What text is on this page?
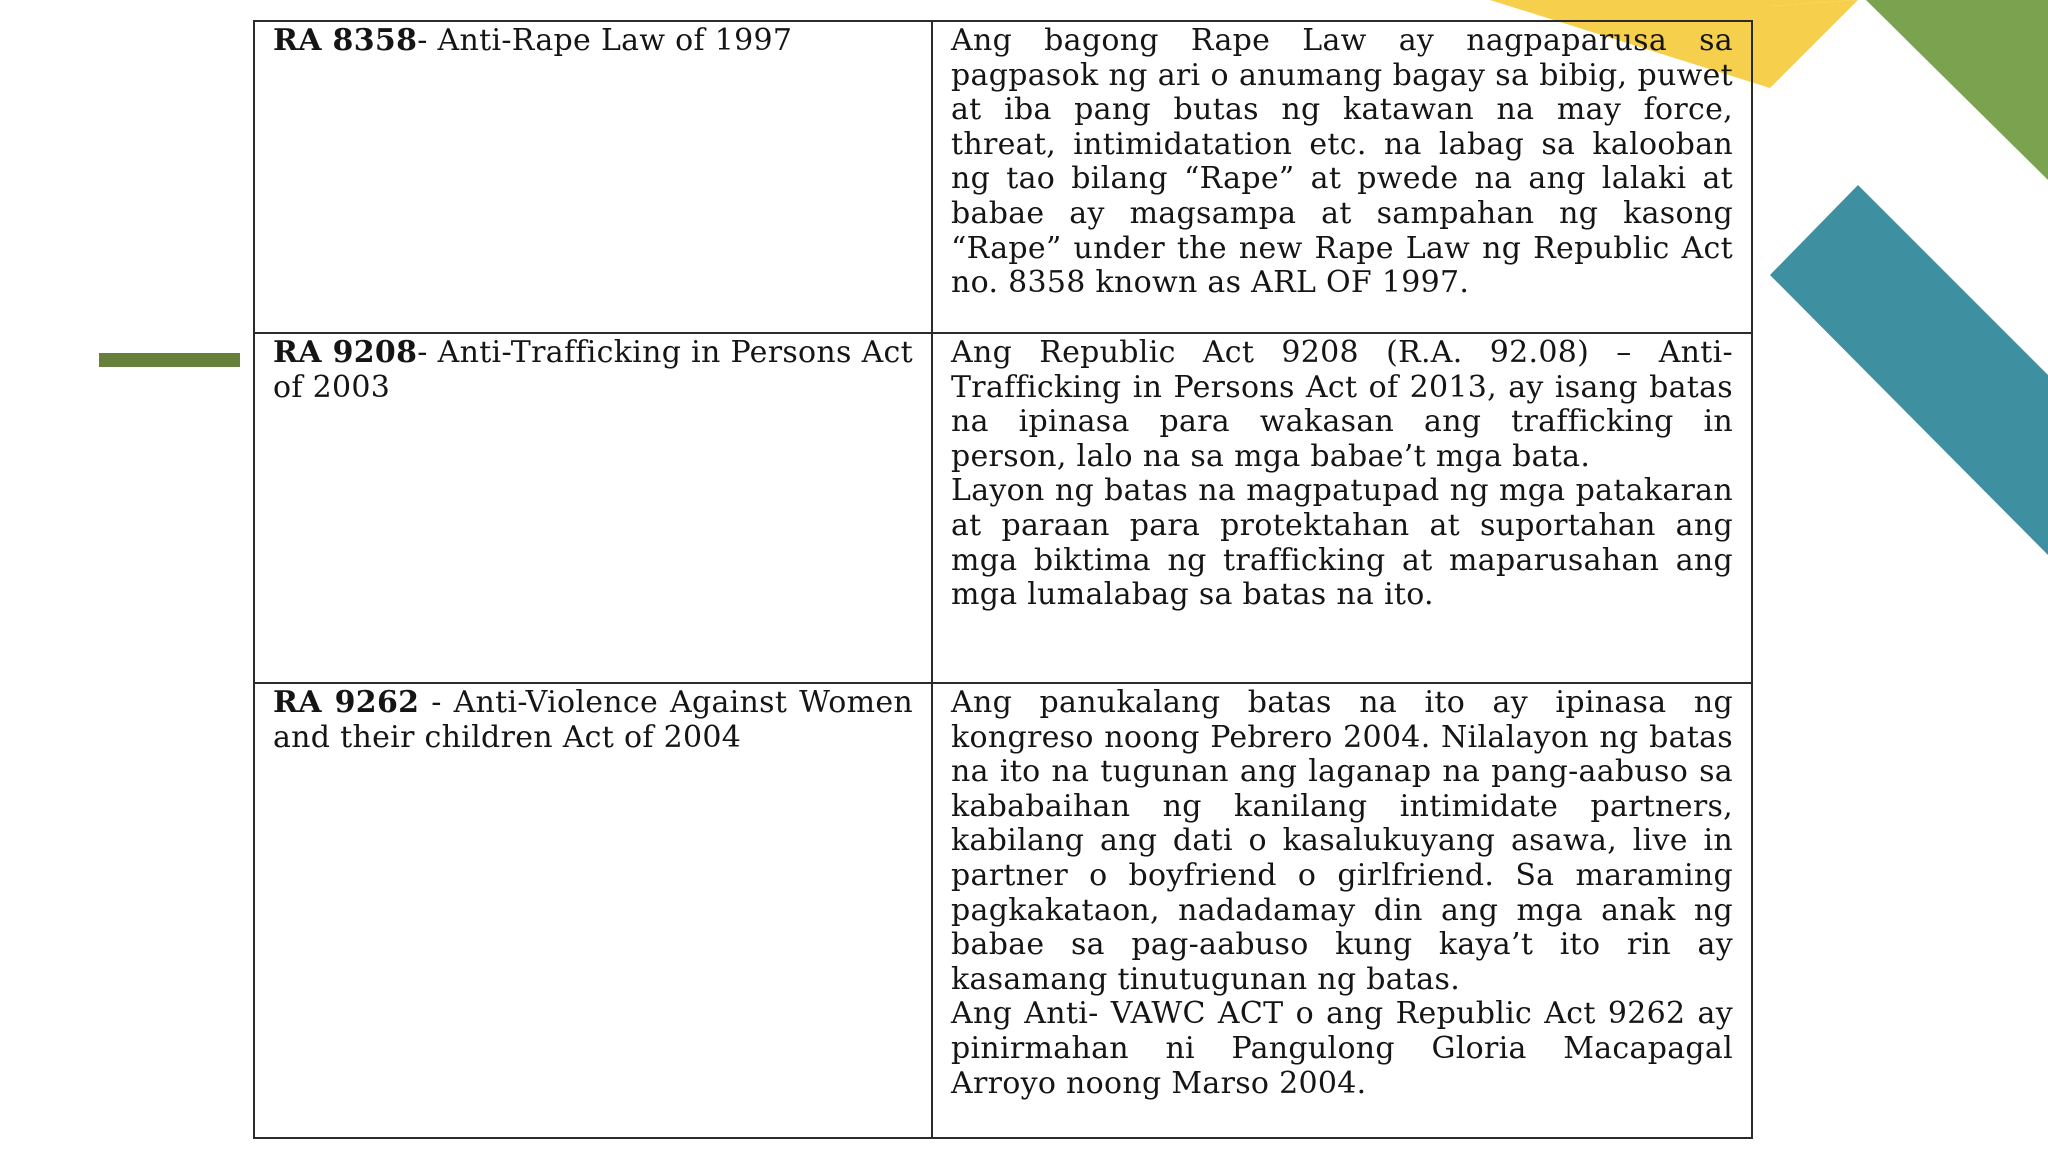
RA 8358- Anti-Rape Law of 1997	Ang bagong Rape Law ay nagpaparusa sa pagpasok ng ari o anumang bagay sa bibig, puwet at iba pang butas ng katawan na may force, threat, intimidatation etc. na labag sa kalooban ng tao bilang “Rape” at pwede na ang lalaki at babae ay magsampa at sampahan ng kasong “Rape” under the new Rape Law ng Republic Act no. 8358 known as ARL OF 1997.

RA 9208- Anti-Trafficking in Persons Act of 2003	Ang Republic Act 9208 (R.A. 92.08) – Anti-Trafficking in Persons Act of 2013, ay isang batas na ipinasa para wakasan ang trafficking in person, lalo na sa mga babae’t mga bata.
Layon ng batas na magpatupad ng mga patakaran at paraan para protektahan at suportahan ang mga biktima ng trafficking at maparusahan ang mga lumalabag sa batas na ito.

RA 9262 - Anti-Violence Against Women and their children Act of 2004	Ang panukalang batas na ito ay ipinasa ng kongreso noong Pebrero 2004. Nilalayon ng batas na ito na tugunan ang laganap na pang-aabuso sa kababaihan ng kanilang intimidate partners, kabilang ang dati o kasalukuyang asawa, live in partner o boyfriend o girlfriend. Sa maraming pagkakataon, nadadamay din ang mga anak ng babae sa pag-aabuso kung kaya’t ito rin ay kasamang tinutugunan ng batas.
Ang Anti- VAWC ACT o ang Republic Act 9262 ay pinirmahan ni Pangulong Gloria Macapagal Arroyo noong Marso 2004.
